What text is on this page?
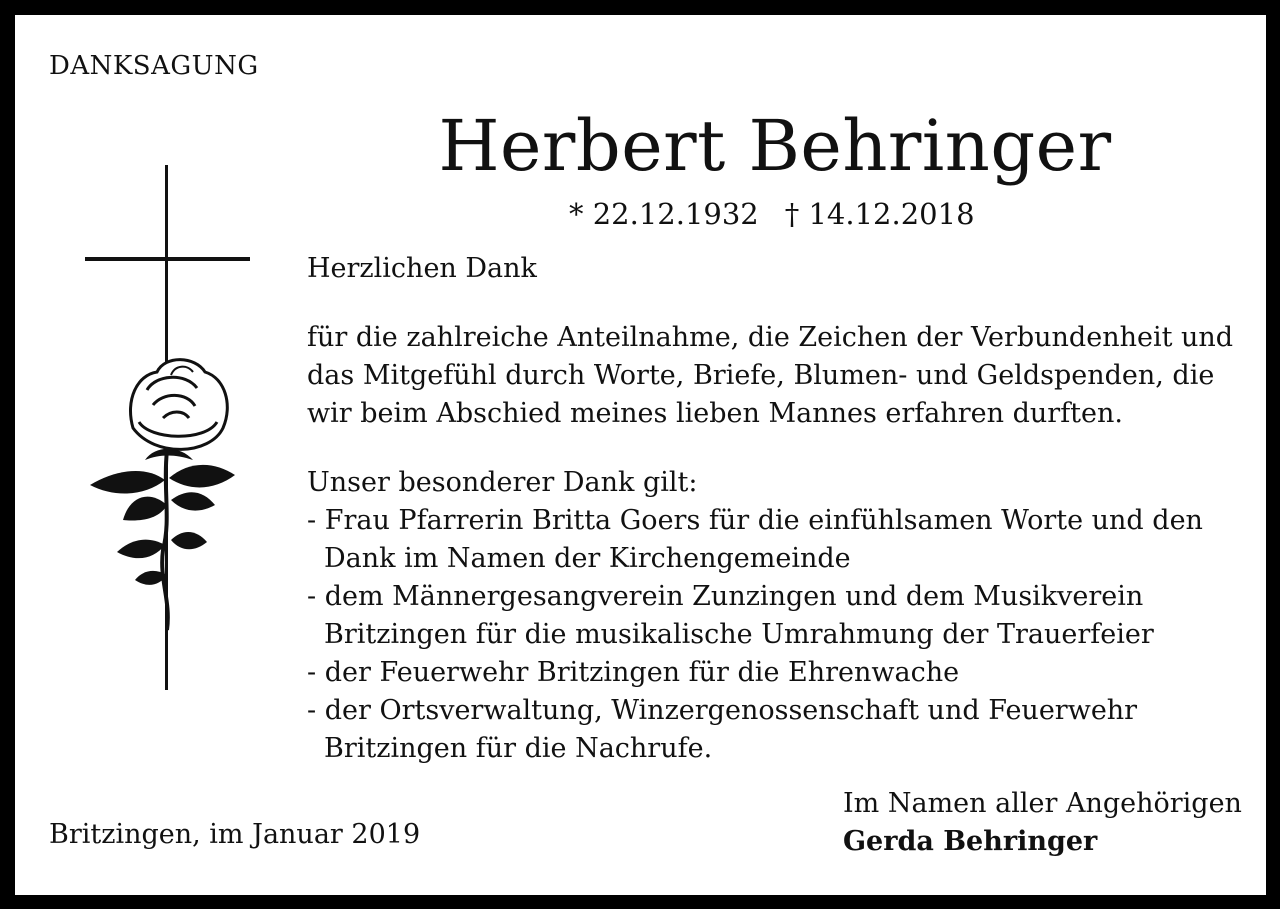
DANKSAGUNG
Herbert Behringer
* 22.12.1932 † 14.12.2018

Herzlichen Dank

für die zahlreiche Anteilnahme, die Zeichen der Verbundenheit und

das Mitgefühl durch Worte, Briefe, Blumen- und Geldspenden, die

wir beim Abschied meines lieben Mannes erfahren durften.

Unser besonderer Dank gilt:

- Frau Pfarrerin Britta Goers für die einfühlsamen Worte und den

Dank im Namen der Kirchengemeinde

- dem Männergesangverein Zunzingen und dem Musikverein

Britzingen für die musikalische Umrahmung der Trauerfeier

- der Feuerwehr Britzingen für die Ehrenwache

- der Ortsverwaltung, Winzergenossenschaft und Feuerwehr

Britzingen für die Nachrufe.

Britzingen, im Januar 2019
Im Namen aller Angehörigen
Gerda Behringer
